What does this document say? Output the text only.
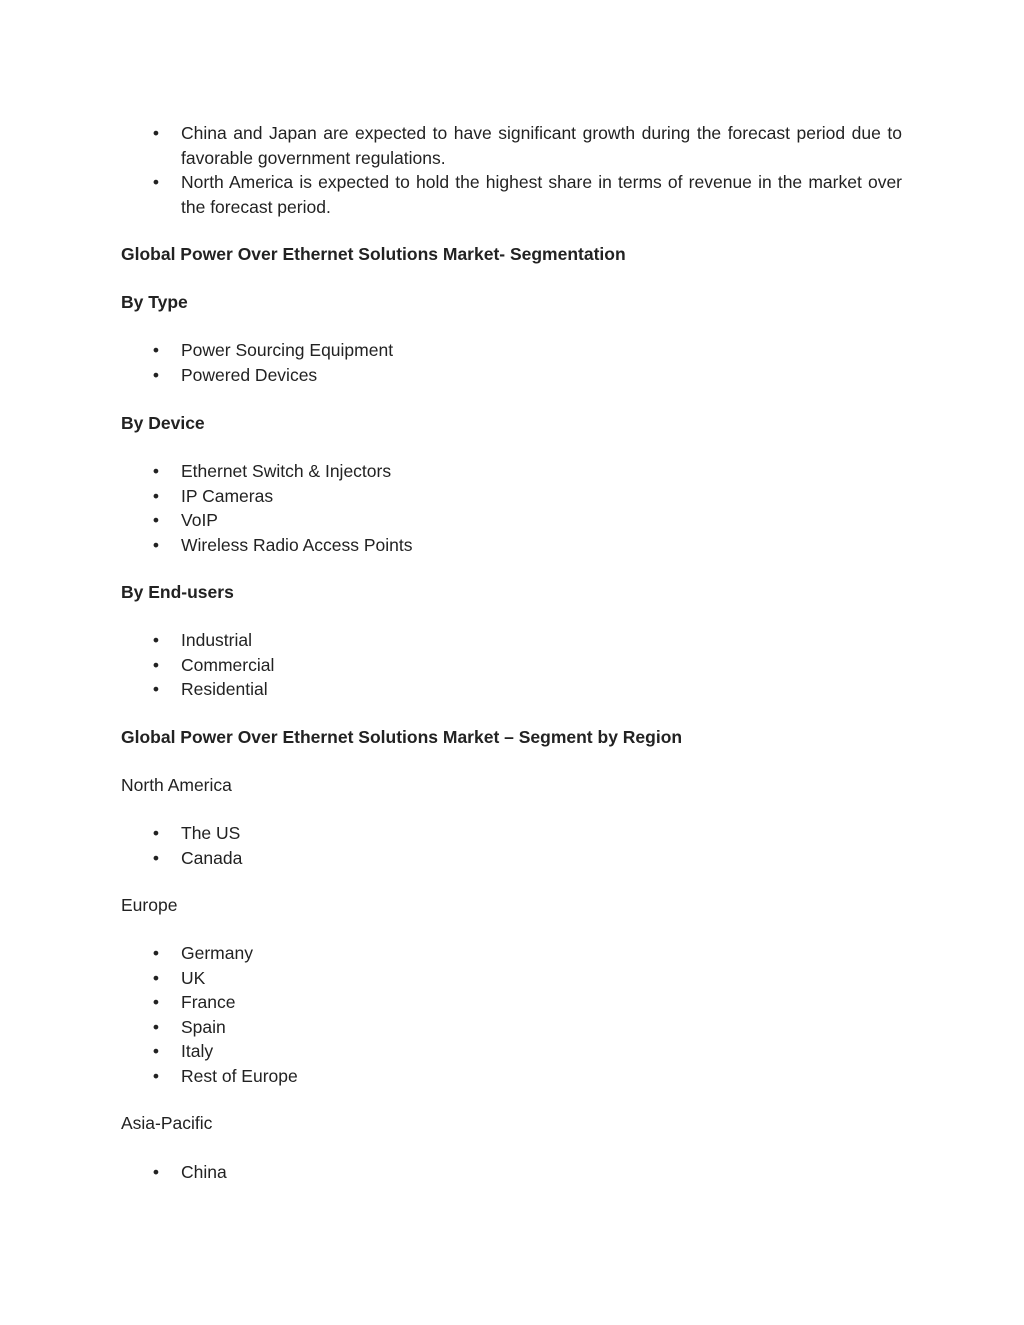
• China and Japan are expected to have significant growth during the forecast period due to favorable government regulations.
• North America is expected to hold the highest share in terms of revenue in the market over the forecast period.
Global Power Over Ethernet Solutions Market- Segmentation
By Type
• Power Sourcing Equipment
• Powered Devices
By Device
• Ethernet Switch & Injectors
• IP Cameras
• VoIP
• Wireless Radio Access Points
By End-users
• Industrial
• Commercial
• Residential
Global Power Over Ethernet Solutions Market – Segment by Region
North America
• The US
• Canada
Europe
• Germany
• UK
• France
• Spain
• Italy
• Rest of Europe
Asia-Pacific
• China
